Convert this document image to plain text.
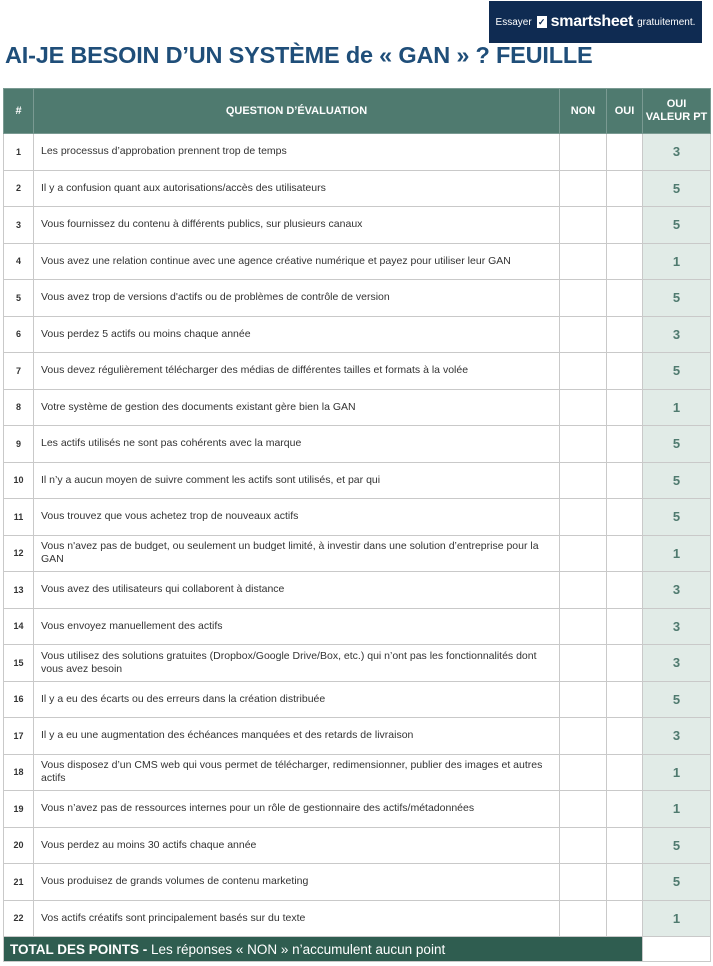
Essayer ✓ smartsheet gratuitement.
AI-JE BESOIN D’UN SYSTÈME de « GAN » ? FEUILLE
#	QUESTION D’ÉVALUATION	NON	OUI	OUI VALEUR PT
1	Les processus d’approbation prennent trop de temps			3
2	Il y a confusion quant aux autorisations/accès des utilisateurs			5
3	Vous fournissez du contenu à différents publics, sur plusieurs canaux			5
4	Vous avez une relation continue avec une agence créative numérique et payez pour utiliser leur GAN			1
5	Vous avez trop de versions d'actifs ou de problèmes de contrôle de version			5
6	Vous perdez 5 actifs ou moins chaque année			3
7	Vous devez régulièrement télécharger des médias de différentes tailles et formats à la volée			5
8	Votre système de gestion des documents existant gère bien la GAN			1
9	Les actifs utilisés ne sont pas cohérents avec la marque			5
10	Il n’y a aucun moyen de suivre comment les actifs sont utilisés, et par qui			5
11	Vous trouvez que vous achetez trop de nouveaux actifs			5
12	Vous n'avez pas de budget, ou seulement un budget limité, à investir dans une solution d’entreprise pour la GAN			1
13	Vous avez des utilisateurs qui collaborent à distance			3
14	Vous envoyez manuellement des actifs			3
15	Vous utilisez des solutions gratuites (Dropbox/Google Drive/Box, etc.) qui n’ont pas les fonctionnalités dont vous avez besoin			3
16	Il y a eu des écarts ou des erreurs dans la création distribuée			5
17	Il y a eu une augmentation des échéances manquées et des retards de livraison			3
18	Vous disposez d’un CMS web qui vous permet de télécharger, redimensionner, publier des images et autres actifs			1
19	Vous n’avez pas de ressources internes pour un rôle de gestionnaire des actifs/métadonnées			1
20	Vous perdez au moins 30 actifs chaque année			5
21	Vous produisez de grands volumes de contenu marketing			5
22	Vos actifs créatifs sont principalement basés sur du texte			1
TOTAL DES POINTS - Les réponses « NON » n’accumulent aucun point				
